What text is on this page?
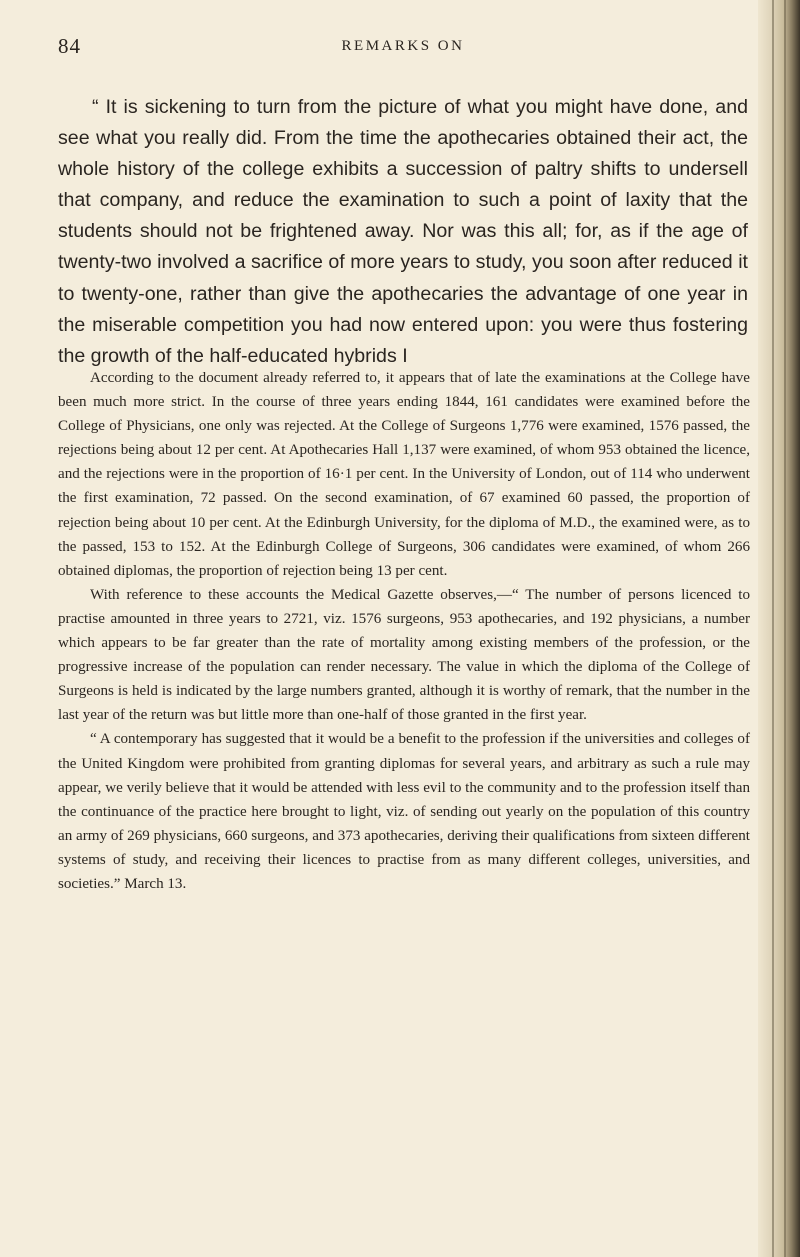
84	REMARKS ON

“ It is sickening to turn from the picture of what you might have done, and see what you really did. From the time the apothecaries obtained their act, the whole history of the college exhibits a succession of paltry shifts to undersell that company, and reduce the examination to such a point of laxity that the students should not be frightened away. Nor was this all; for, as if the age of twenty-two involved a sacrifice of more years to study, you soon after reduced it to twenty-one, rather than give the apothecaries the advantage of one year in the miserable competition you had now entered upon: you were thus fostering the growth of the half-educated hybrids I

According to the document already referred to, it appears that of late the examinations at the College have been much more strict. In the course of three years ending 1844, 161 candidates were examined before the College of Physicians, one only was rejected. At the College of Surgeons 1,776 were examined, 1576 passed, the rejections being about 12 per cent. At Apothecaries Hall 1,137 were examined, of whom 953 obtained the licence, and the rejections were in the proportion of 16·1 per cent. In the University of London, out of 114 who underwent the first examination, 72 passed. On the second examination, of 67 examined 60 passed, the proportion of rejection being about 10 per cent. At the Edinburgh University, for the diploma of M.D., the examined were, as to the passed, 153 to 152. At the Edinburgh College of Surgeons, 306 candidates were examined, of whom 266 obtained diplomas, the proportion of rejection being 13 per cent.

With reference to these accounts the Medical Gazette observes,—“ The number of persons licenced to practise amounted in three years to 2721, viz. 1576 surgeons, 953 apothecaries, and 192 physicians, a number which appears to be far greater than the rate of mortality among existing members of the profession, or the progressive increase of the population can render necessary. The value in which the diploma of the College of Surgeons is held is indicated by the large numbers granted, although it is worthy of remark, that the number in the last year of the return was but little more than one-half of those granted in the first year.

“ A contemporary has suggested that it would be a benefit to the profession if the universities and colleges of the United Kingdom were prohibited from granting diplomas for several years, and arbitrary as such a rule may appear, we verily believe that it would be attended with less evil to the community and to the profession itself than the continuance of the practice here brought to light, viz. of sending out yearly on the population of this country an army of 269 physicians, 660 surgeons, and 373 apothecaries, deriving their qualifications from sixteen different systems of study, and receiving their licences to practise from as many different colleges, universities, and societies.” March 13.
